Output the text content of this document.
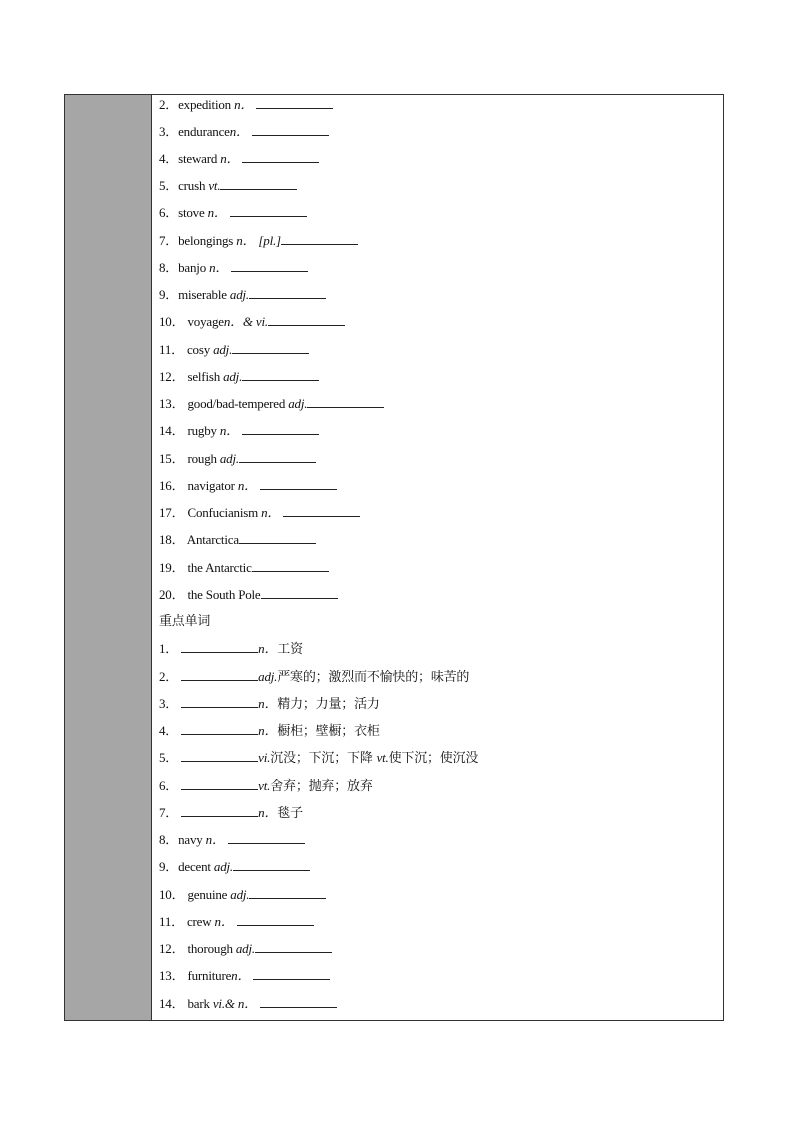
2．expedition n．
3．endurancen．
4．steward n．
5．crush vt.
6．stove n．
7．belongings n． [pl.]
8．banjo n．
9．miserable adj.
10． voyagen．& vi.
11． cosy adj.
12． selfish adj.
13． good/bad-tempered adj.
14． rugby n．
15． rough adj.
16． navigator n．
17． Confucianism n．
18． Antarctica
19． the Antarctic
20． the South Pole
重点单词
1．	n．工资
2．	adj.严寒的；激烈而不愉快的；味苦的
3．	n．精力；力量；活力
4．	n．橱柜；壁橱；衣柜
5．	vi.沉没；下沉；下降 vt.使下沉；使沉没
6．	vt.舍弃；抛弃；放弃
7．	n．毯子
8．navy n．
9．decent adj.
10． genuine adj.
11． crew n．
12． thorough adj.
13． furnituren．
14． bark vi.& n．
